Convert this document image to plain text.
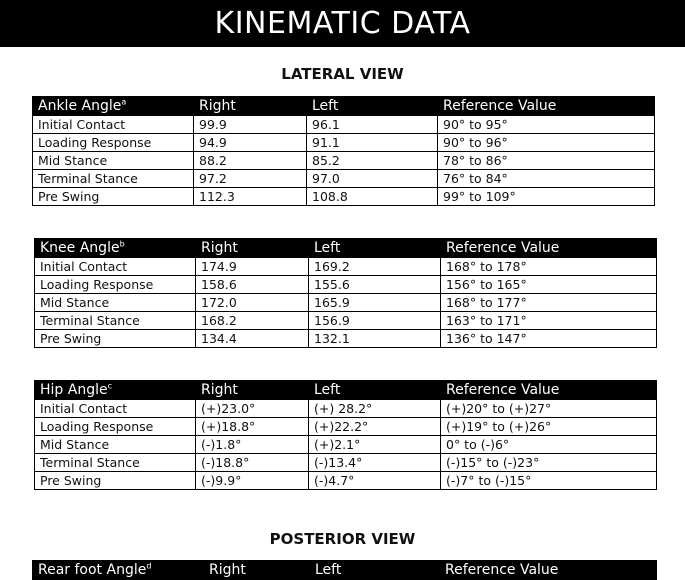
KINEMATIC DATA
LATERAL VIEW
Ankle Angle$^a$	Right	Left	Reference Value
Initial Contact	99.9	96.1	90° to 95°
Loading Response	94.9	91.1	90° to 96°
Mid Stance	88.2	85.2	78° to 86°
Terminal Stance	97.2	97.0	76° to 84°
Pre Swing	112.3	108.8	99° to 109°
Knee Angle$^b$	Right	Left	Reference Value
Initial Contact	174.9	169.2	168° to 178°
Loading Response	158.6	155.6	156° to 165°
Mid Stance	172.0	165.9	168° to 177°
Terminal Stance	168.2	156.9	163° to 171°
Pre Swing	134.4	132.1	136° to 147°
Hip Angle$^c$	Right	Left	Reference Value
Initial Contact	(+)23.0°	(+) 28.2°	(+)20° to (+)27°
Loading Response	(+)18.8°	(+)22.2°	(+)19° to (+)26°
Mid Stance	(-)1.8°	(+)2.1°	0° to (-)6°
Terminal Stance	(-)18.8°	(-)13.4°	(-)15° to (-)23°
Pre Swing	(-)9.9°	(-)4.7°	(-)7° to (-)15°
POSTERIOR VIEW
Rear foot Angle$^d$	Right	Left	Reference Value
